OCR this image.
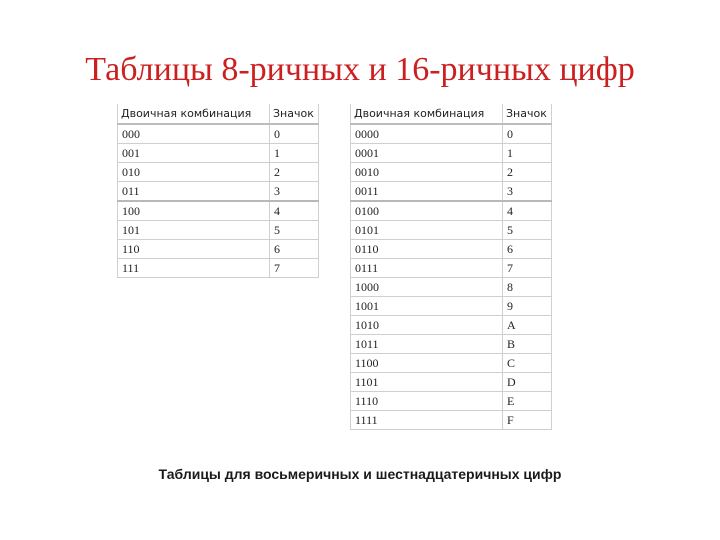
Таблицы 8-ричных и 16-ричных цифр
Двоичная комбинация	Значок
000	0
001	1
010	2
011	3
100	4
101	5
110	6
111	7
Двоичная комбинация	Значок
0000	0
0001	1
0010	2
0011	3
0100	4
0101	5
0110	6
0111	7
1000	8
1001	9
1010	A
1011	B
1100	C
1101	D
1110	E
1111	F
Таблицы для восьмеричных и шестнадцатеричных цифр
